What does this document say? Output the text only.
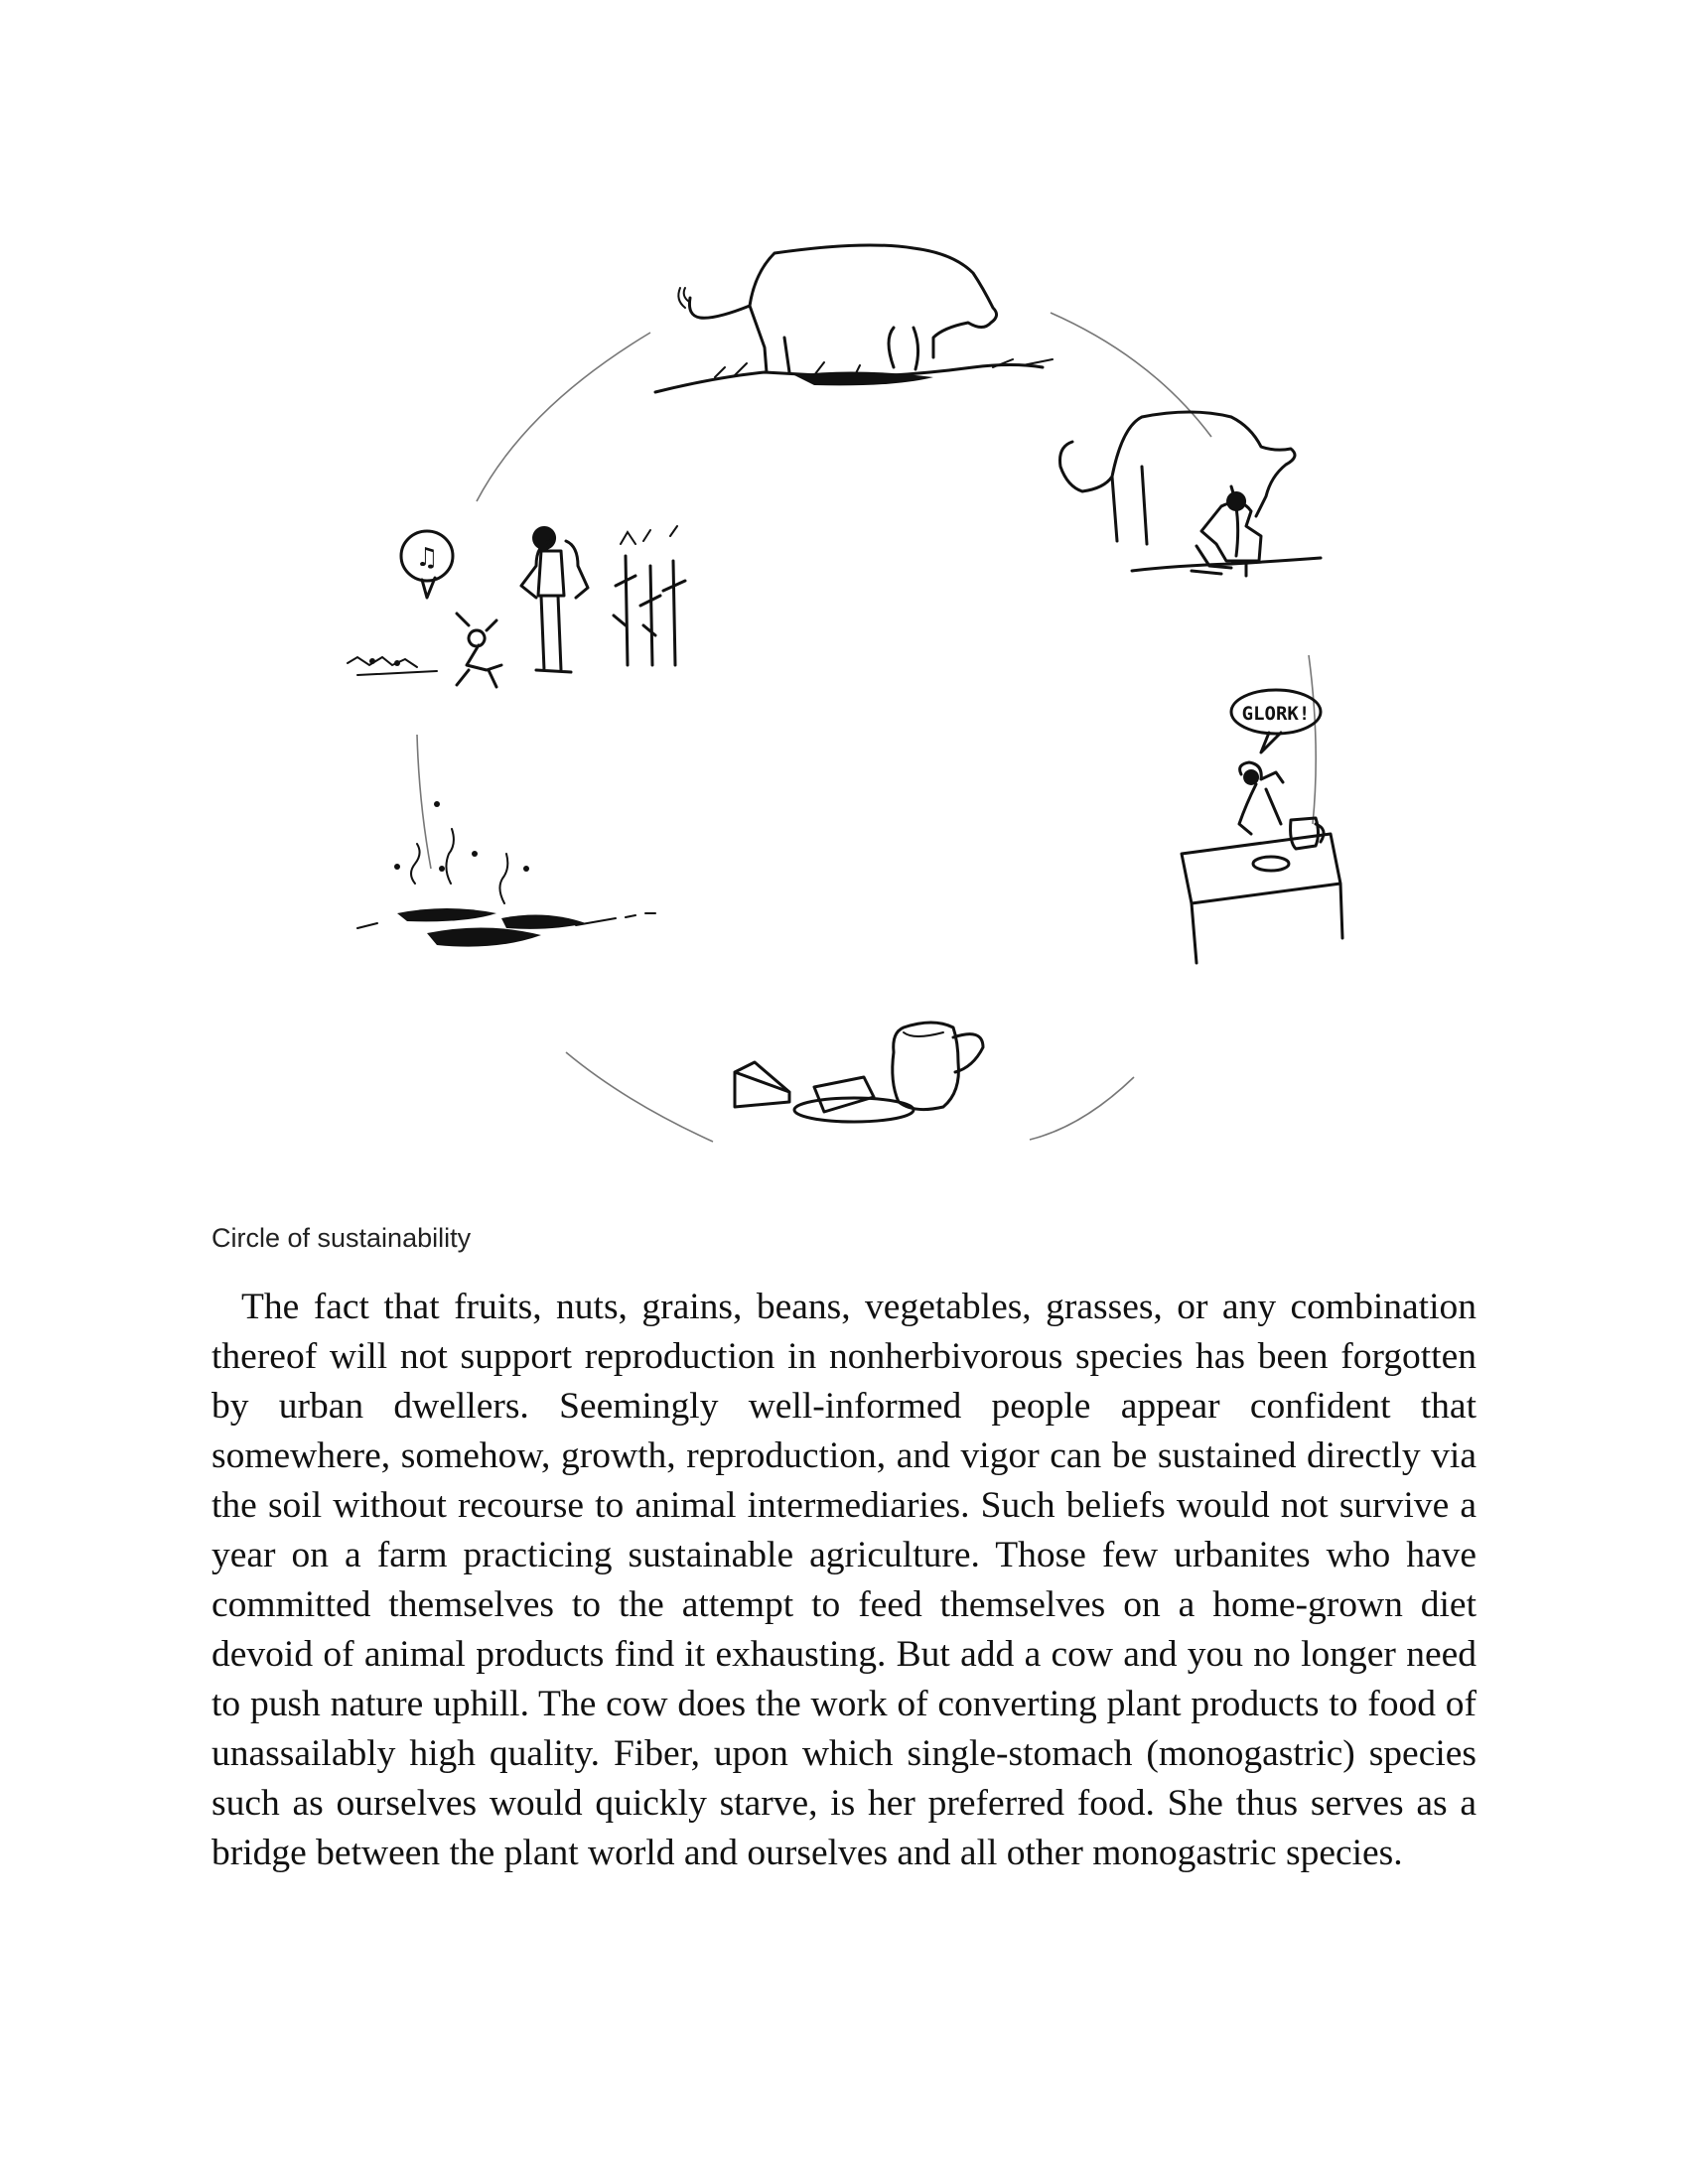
GLORK!
♫
Circle of sustainability

The fact that fruits, nuts, grains, beans, vegetables, grasses, or any combination thereof will not support reproduction in nonherbivorous species has been forgotten by urban dwellers. Seemingly well-informed people appear confident that somewhere, somehow, growth, reproduction, and vigor can be sustained directly via the soil without recourse to animal intermediaries. Such beliefs would not survive a year on a farm practicing sustainable agriculture. Those few urbanites who have committed themselves to the attempt to feed themselves on a home-grown diet devoid of animal products find it exhausting. But add a cow and you no longer need to push nature uphill. The cow does the work of converting plant products to food of unassailably high quality. Fiber, upon which single-stomach (monogastric) species such as ourselves would quickly starve, is her preferred food. She thus serves as a bridge between the plant world and ourselves and all other monogastric species.
